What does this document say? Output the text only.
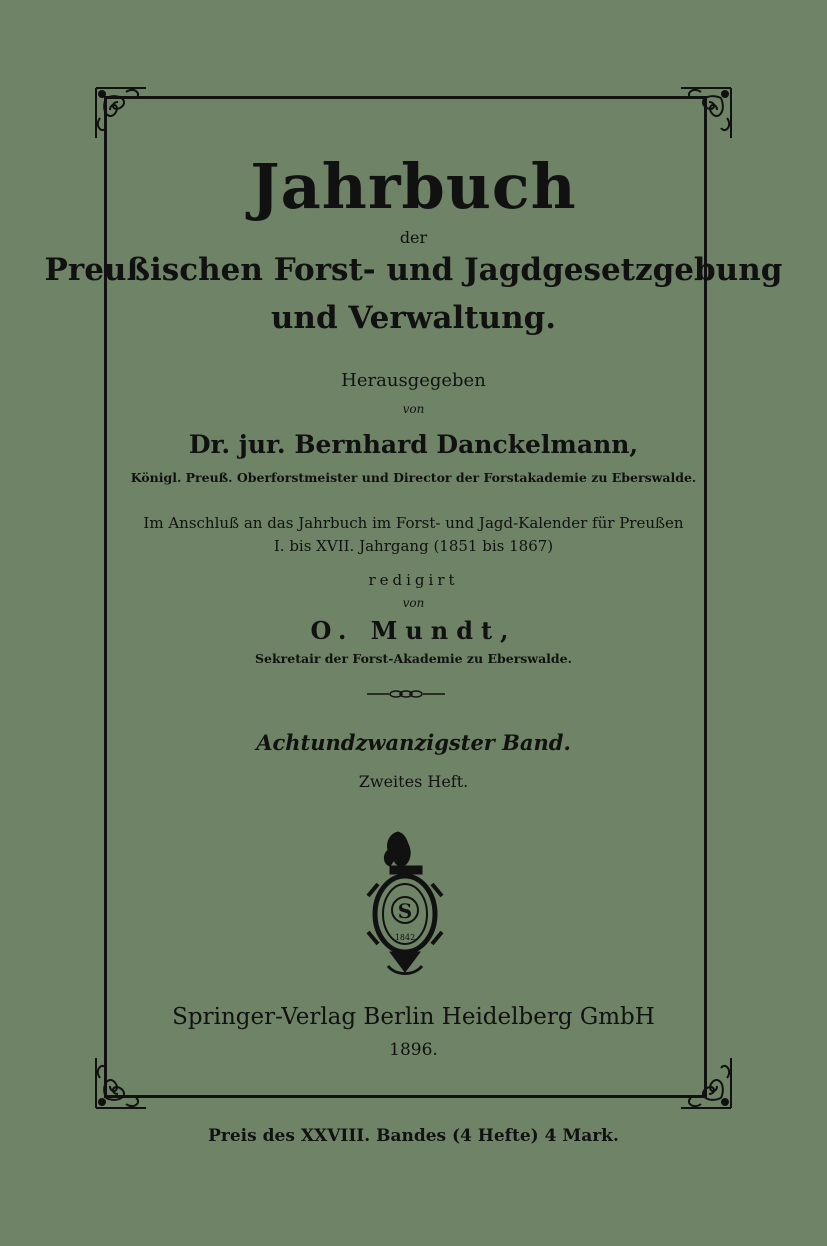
Jahrbuch
der
Preußischen Forst- und Jagdgesetzgebung
und Verwaltung.
Herausgegeben
von
Dr. jur. Bernhard Danckelmann,
Königl. Preuß. Oberforstmeister und Director der Forstakademie zu Eberswalde.
Im Anschluß an das Jahrbuch im Forst- und Jagd-Kalender für Preußen
I. bis XVII. Jahrgang (1851 bis 1867)
redigirt
von
O. Mundt,
Sekretair der Forst-Akademie zu Eberswalde.
Achtundzwanzigster Band.
Zweites Heft.
S
1842
Springer-Verlag Berlin Heidelberg GmbH
1896.
Preis des XXVIII. Bandes (4 Hefte) 4 Mark.
